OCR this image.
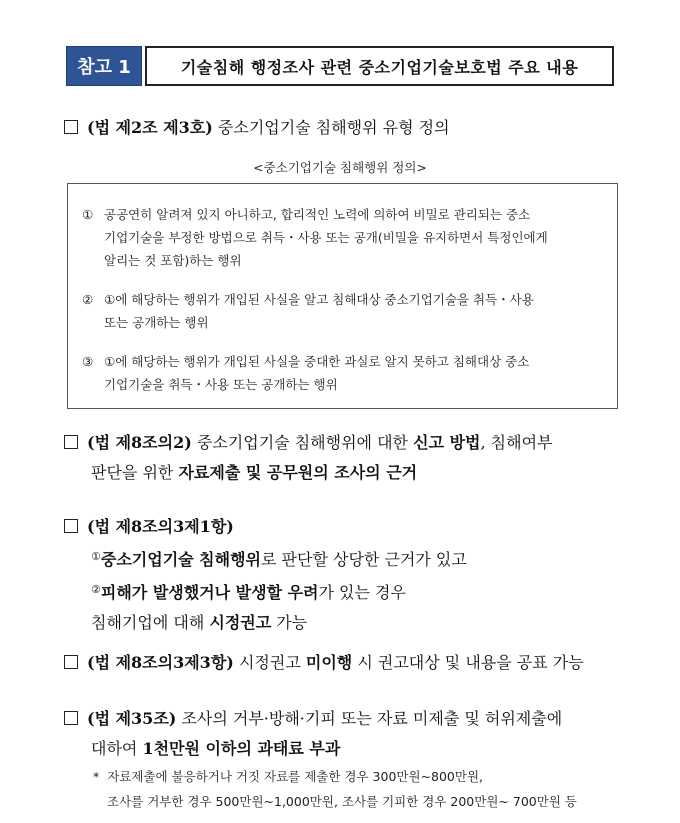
참고 1	기술침해 행정조사 관련 중소기업기술보호법 주요 내용
(법 제2조 제3호) 중소기업기술 침해행위 유형 정의
<중소기업기술 침해행위 정의>
① 공공연히 알려져 있지 아니하고, 합리적인 노력에 의하여 비밀로 관리되는 중소
기업기술을 부정한 방법으로 취득・사용 또는 공개(비밀을 유지하면서 특정인에게
알리는 것 포함)하는 행위
② ①에 해당하는 행위가 개입된 사실을 알고 침해대상 중소기업기술을 취득・사용
또는 공개하는 행위
③ ①에 해당하는 행위가 개입된 사실을 중대한 과실로 알지 못하고 침해대상 중소
기업기술을 취득・사용 또는 공개하는 행위
(법 제8조의2) 중소기업기술 침해행위에 대한 신고 방법, 침해여부
판단을 위한 자료제출 및 공무원의 조사의 근거
(법 제8조의3제1항)
①중소기업기술 침해행위로 판단할 상당한 근거가 있고
②피해가 발생했거나 발생할 우려가 있는 경우
침해기업에 대해 시정권고 가능
(법 제8조의3제3항) 시정권고 미이행 시 권고대상 및 내용을 공표 가능
(법 제35조) 조사의 거부·방해·기피 또는 자료 미제출 및 허위제출에
대하여 1천만원 이하의 과태료 부과
* 자료제출에 불응하거나 거짓 자료를 제출한 경우 300만원~800만원,
조사를 거부한 경우 500만원~1,000만원, 조사를 기피한 경우 200만원~ 700만원 등
